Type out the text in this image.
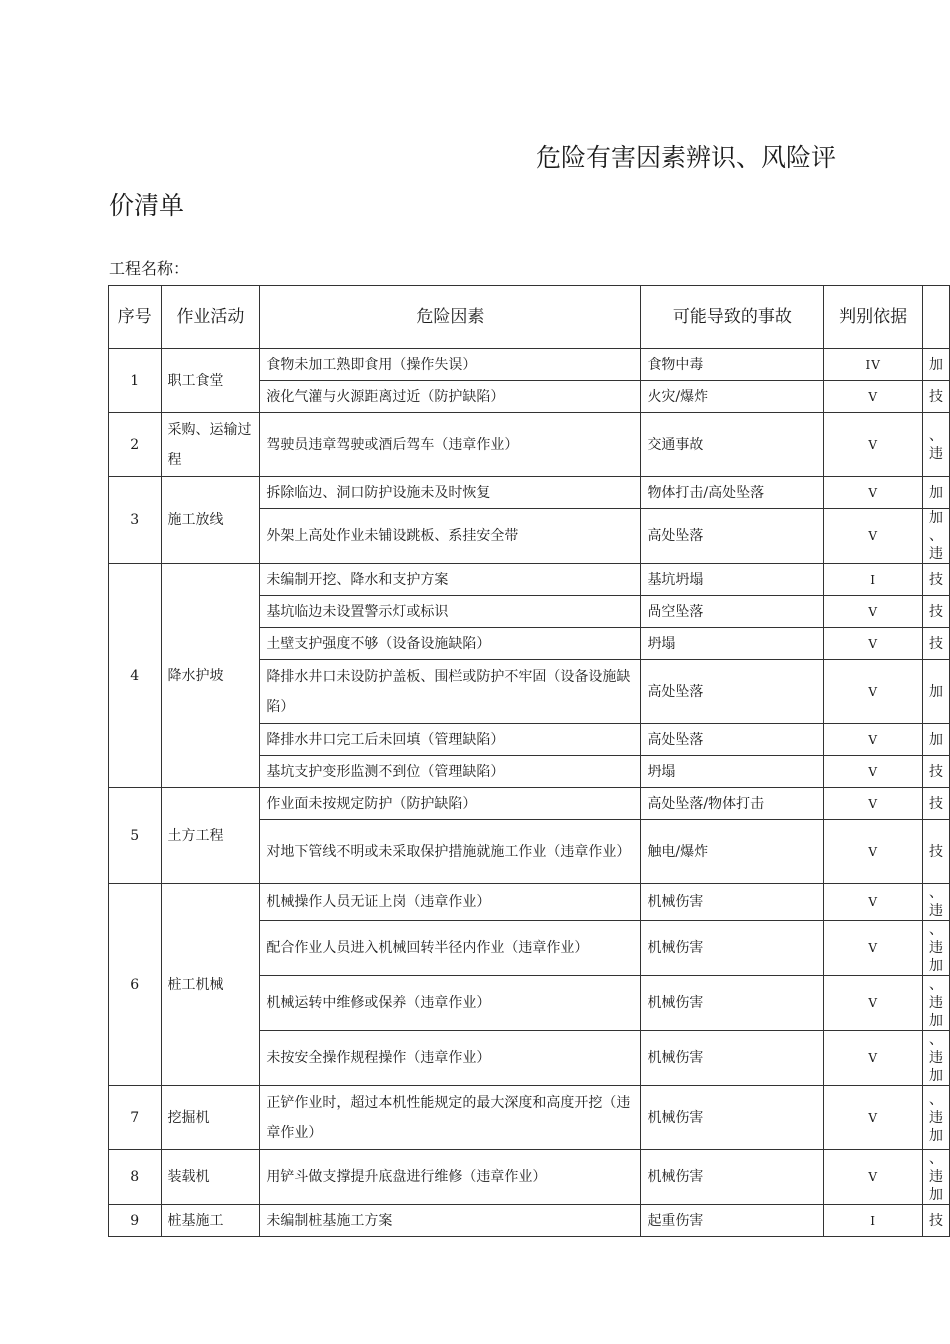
危险有害因素辨识、风险评
价清单
工程名称：
序号	作业活动	危险因素	可能导致的事故	判别依据	
1	职工食堂	食物未加工熟即食用（操作失误）	食物中毒	IV	加

		液化气灌与火源距离过近（防护缺陷）	火灾/爆炸	V	技

2	采购、运输过程	驾驶员违章驾驶或酒后驾车（违章作业）	交通事故	V	、
违

3	施工放线	拆除临边、洞口防护设施未及时恢复	物体打击/高处坠落	V	加

		外架上高处作业未铺设跳板、系挂安全带	高处坠落	V	加
、
违

4	降水护坡	未编制开挖、降水和支护方案	基坑坍塌	I	技

		基坑临边未设置警示灯或标识	咼空坠落	V	技

		土壁支护强度不够（设备设施缺陷）	坍塌	V	技

		降排水井口未设防护盖板、围栏或防护不牢固（设备设施缺陷）	高处坠落	V	加

		降排水井口完工后未回填（管理缺陷）	高处坠落	V	加

		基坑支护变形监测不到位（管理缺陷）	坍塌	V	技

5	土方工程	作业面未按规定防护（防护缺陷）	高处坠落/物体打击	V	技

		对地下管线不明或未采取保护措施就施工作业（违章作业）	触电/爆炸	V	技

6	桩工机械	机械操作人员无证上岗（违章作业）	机械伤害	V	、
违

		配合作业人员进入机械回转半径内作业（违章作业）	机械伤害	V	、
违
加

		机械运转中维修或保养（违章作业）	机械伤害	V	、
违
加

		未按安全操作规程操作（违章作业）	机械伤害	V	、
违
加

7	挖掘机	正铲作业时，超过本机性能规定的最大深度和高度开挖（违章作业）	机械伤害	V	、
违
加

8	装载机	用铲斗做支撑提升底盘进行维修（违章作业）	机械伤害	V	、
违
加

9	桩基施工	未编制桩基施工方案	起重伤害	I	技
